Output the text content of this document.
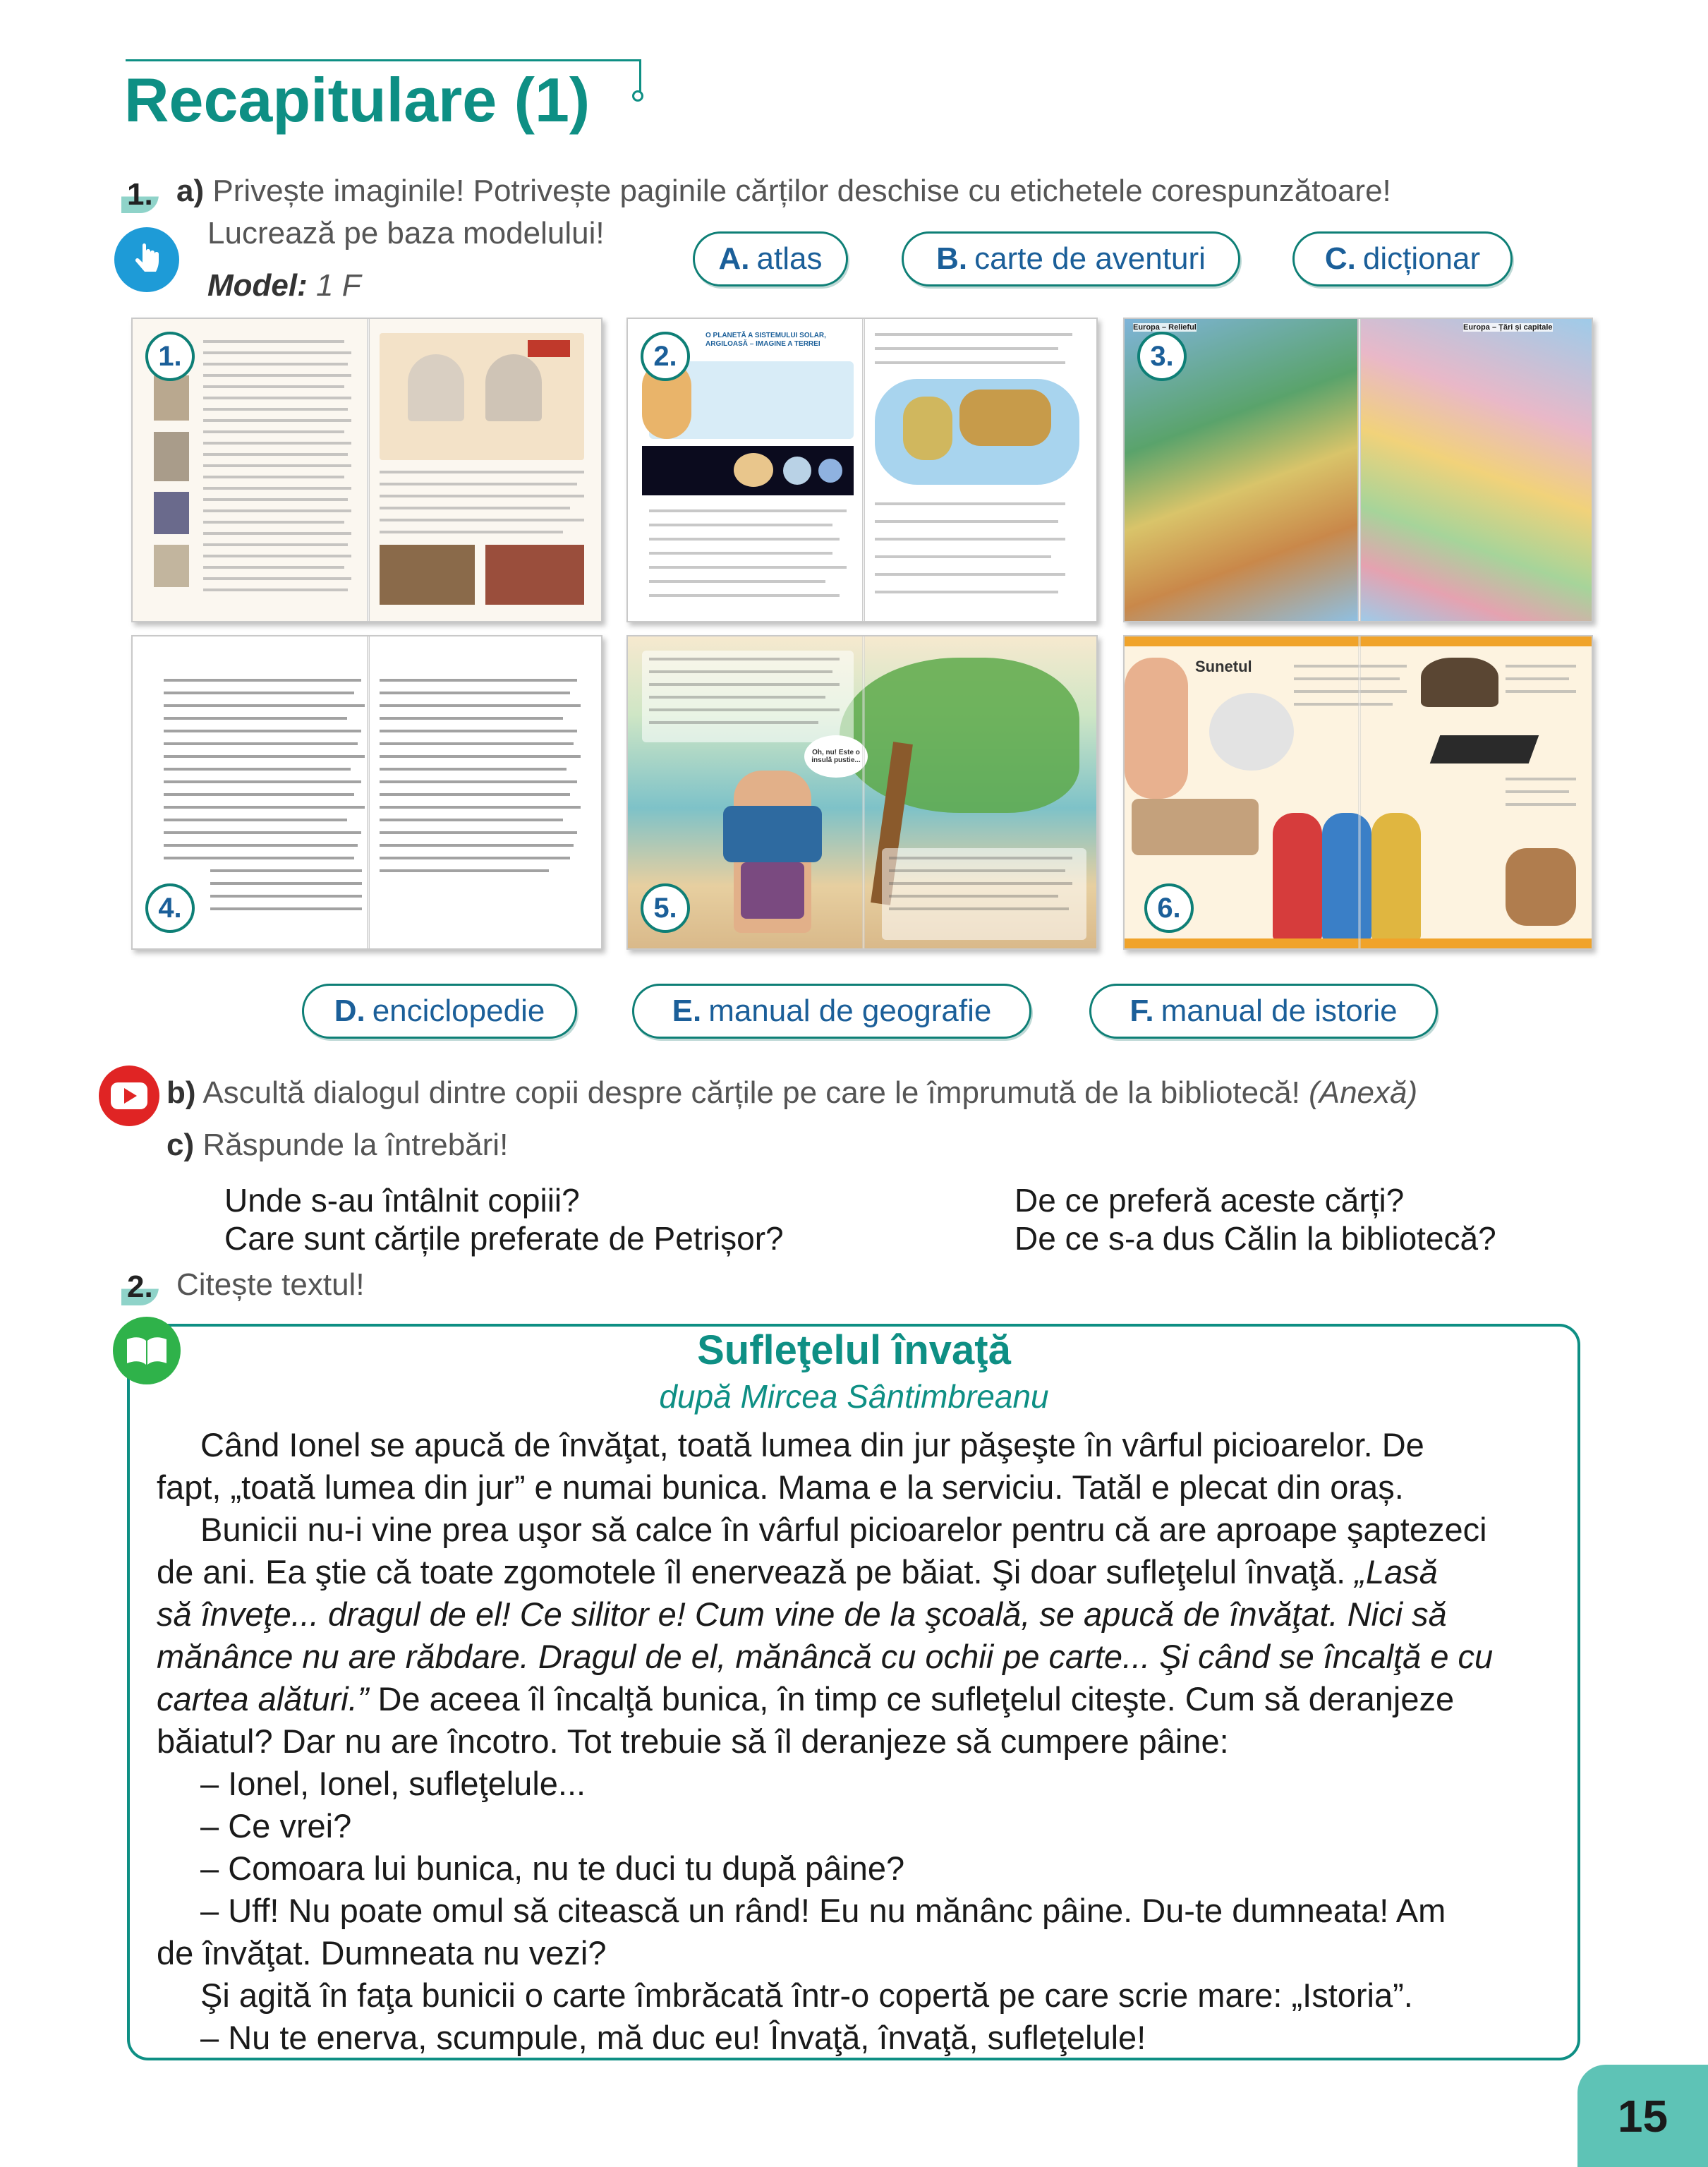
Recapitulare (1)
1. a) Privește imaginile! Potrivește paginile cărților deschise cu etichetele corespunzătoare!
Lucrează pe baza modelului!
Model: 1 F
A. atlas	B. carte de aventuri	C. dicționar
1.
O PLANETĂ A SISTEMULUI SOLAR, ARGILOASĂ – IMAGINE A TERREI
2.
Europa – Relieful	Europa – Țări și capitale
3.
4.
Oh, nu! Este o insulă pustie...
5.
Sunetul
6.
D. enciclopedie	E. manual de geografie	F. manual de istorie
b) Ascultă dialogul dintre copii despre cărțile pe care le împrumută de la bibliotecă! (Anexă)
c) Răspunde la întrebări!
Unde s-au întâlnit copiii?
Care sunt cărțile preferate de Petrișor?
De ce preferă aceste cărți?
De ce s-a dus Călin la bibliotecă?
2. Citește textul!
Sufleţelul învaţă
după Mircea Sântimbreanu
Când Ionel se apucă de învăţat, toată lumea din jur păşeşte în vârful picioarelor. De
fapt, „toată lumea din jur” e numai bunica. Mama e la serviciu. Tatăl e plecat din oraș.
Bunicii nu-i vine prea uşor să calce în vârful picioarelor pentru că are aproape şaptezeci
de ani. Ea ştie că toate zgomotele îl enervează pe băiat. Şi doar sufleţelul învaţă. „Lasă
să înveţe... dragul de el! Ce silitor e! Cum vine de la şcoală, se apucă de învăţat. Nici să
mănânce nu are răbdare. Dragul de el, mănâncă cu ochii pe carte... Şi când se încalţă e cu
cartea alături.” De aceea îl încalţă bunica, în timp ce sufleţelul citeşte. Cum să deranjeze
băiatul? Dar nu are încotro. Tot trebuie să îl deranjeze să cumpere pâine:
– Ionel, Ionel, sufleţelule...
– Ce vrei?
– Comoara lui bunica, nu te duci tu după pâine?
– Uff! Nu poate omul să citească un rând! Eu nu mănânc pâine. Du-te dumneata! Am
de învăţat. Dumneata nu vezi?
Şi agită în faţa bunicii o carte îmbrăcată într-o copertă pe care scrie mare: „Istoria”.
– Nu te enerva, scumpule, mă duc eu! Învaţă, învaţă, sufleţelule!
15
